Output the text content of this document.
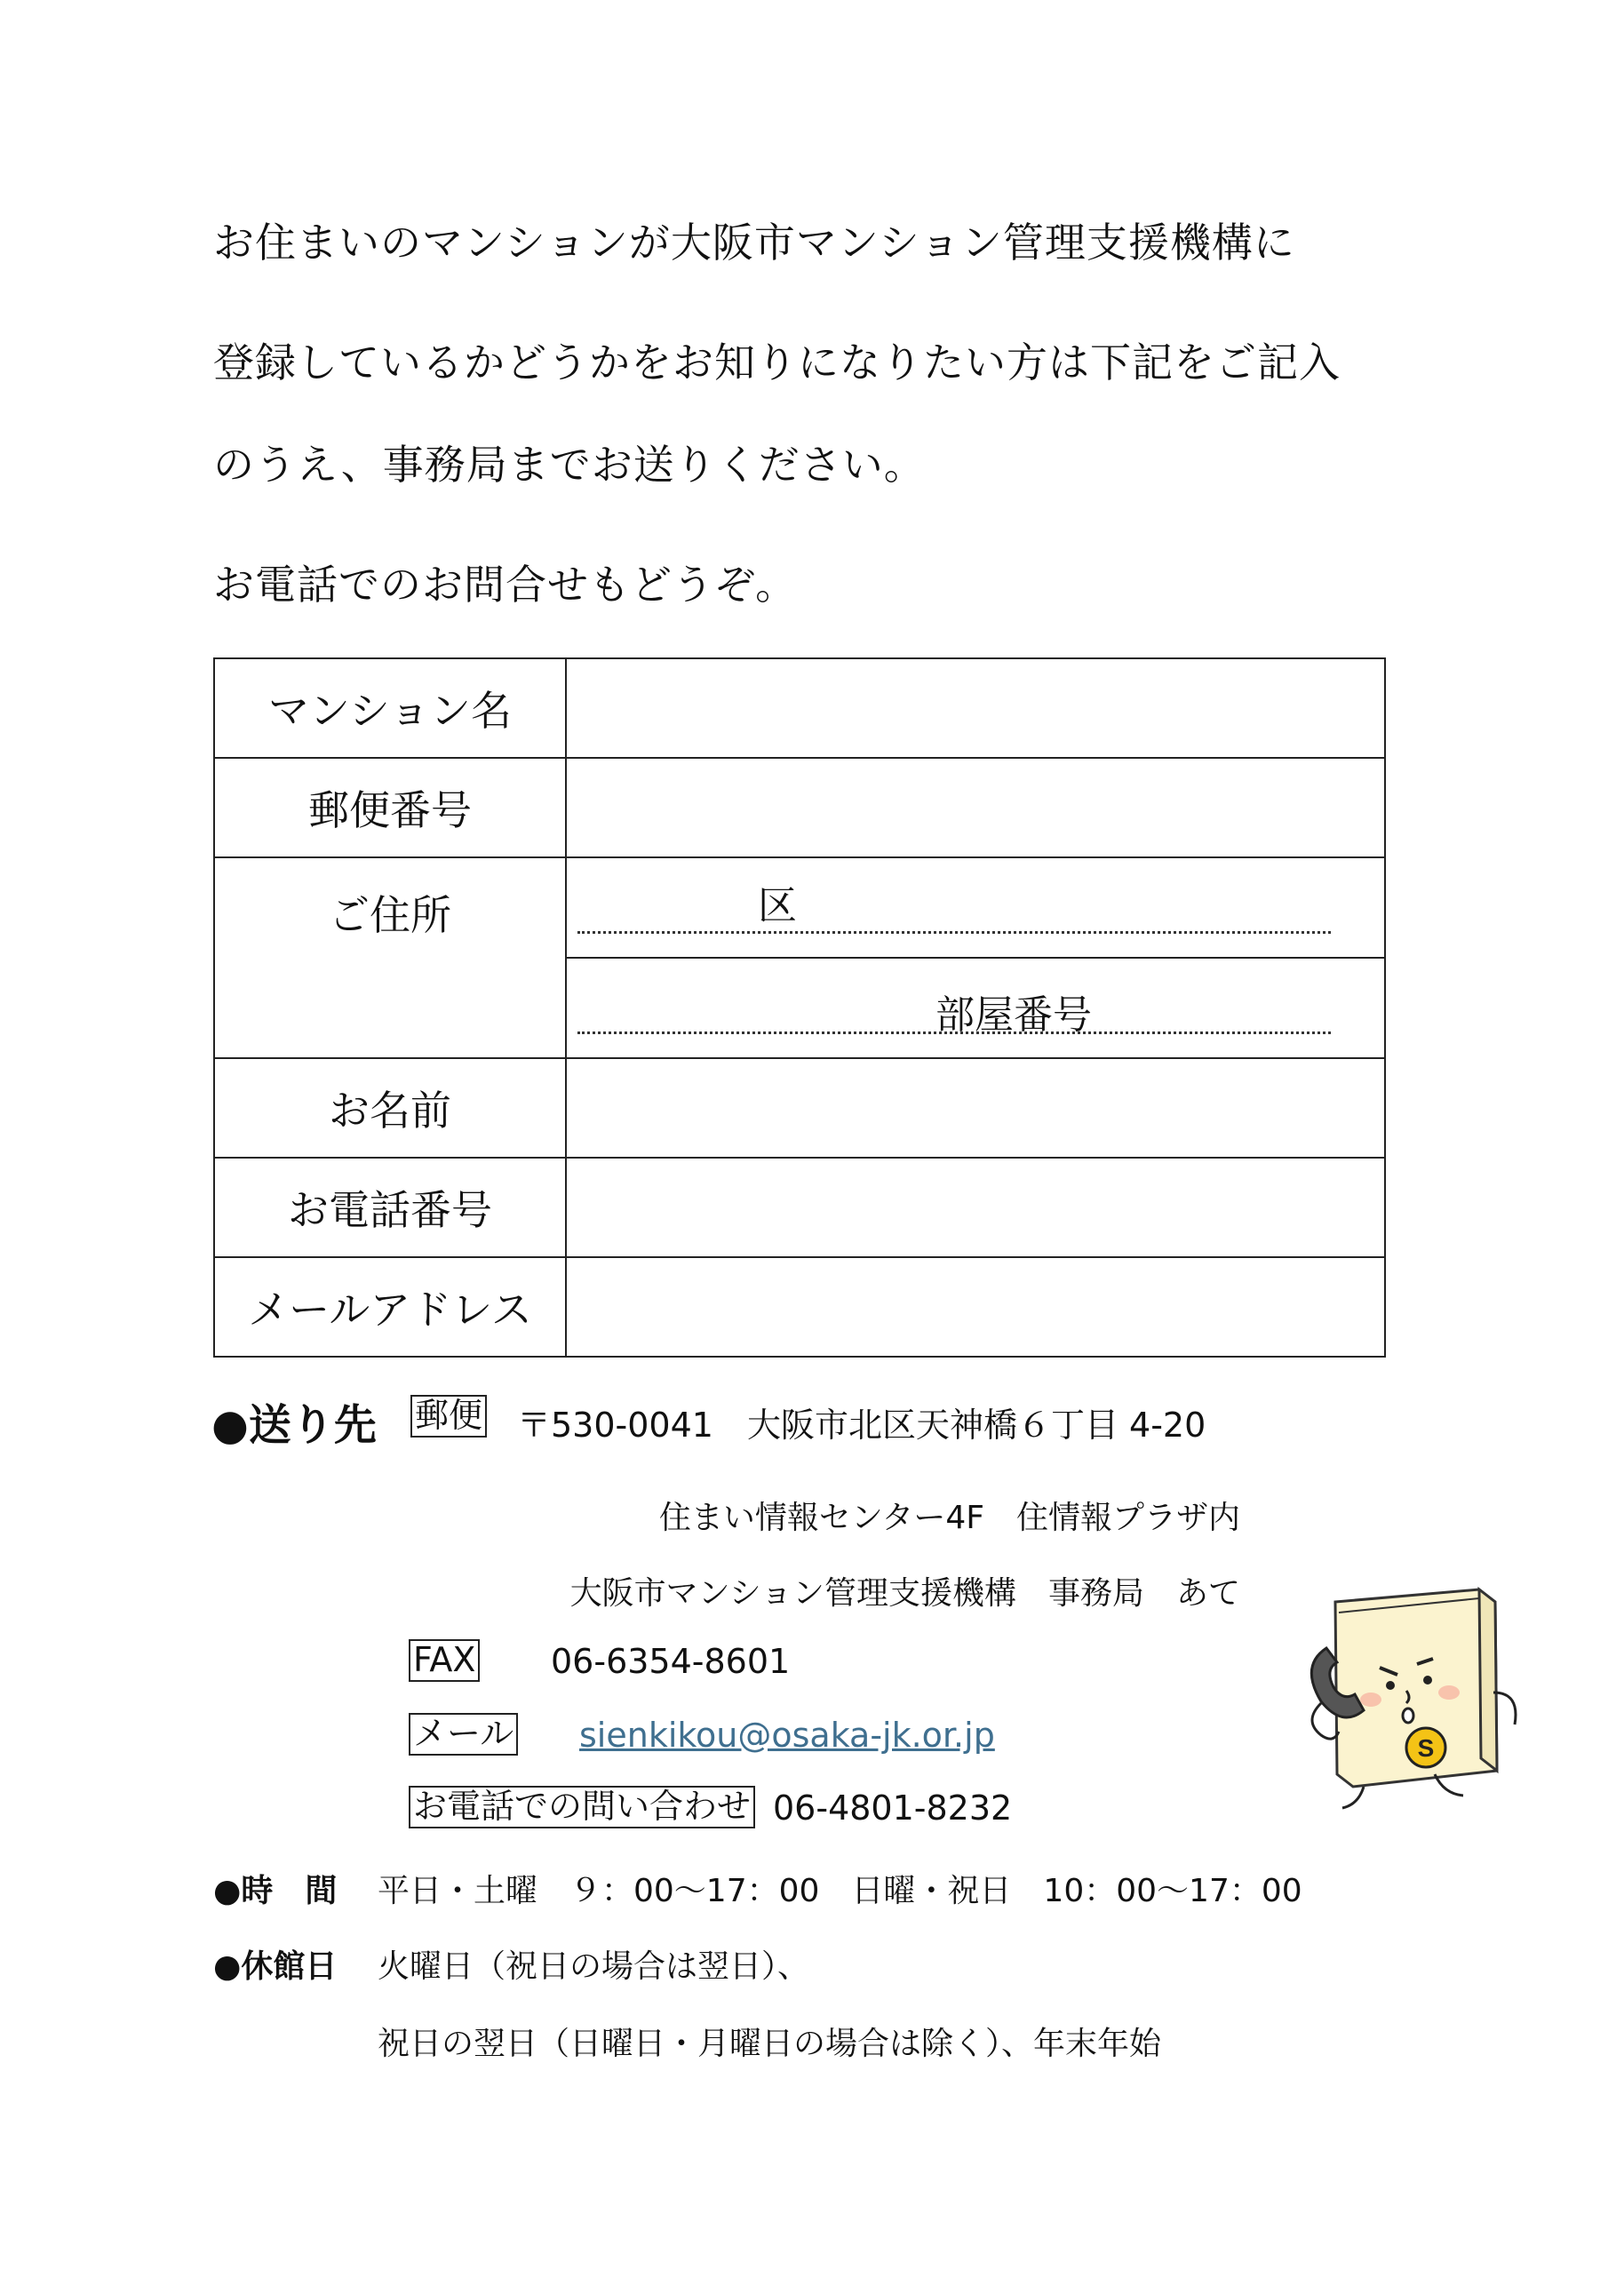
お住まいのマンションが大阪市マンション管理支援機構に
登録しているかどうかをお知りになりたい方は下記をご記入
のうえ、事務局までお送りください。
お電話でのお問合せもどうぞ。
マンション名	
郵便番号	
ご住所	区

	部屋番号

お名前	
お電話番号	
メールアドレス	
●送り先 郵便 〒530-0041　大阪市北区天神橋６丁目 4-20
住まい情報センター4F　住情報プラザ内
大阪市マンション管理支援機構　事務局　あて
FAX 06-6354-8601
メール sienkikou@osaka-jk.or.jp
お電話での問い合わせ 06-4801-8232
●時　間 平日・土曜　９：00～17：00　日曜・祝日　10：00～17：00
●休館日 火曜日（祝日の場合は翌日）、
祝日の翌日（日曜日・月曜日の場合は除く）、年末年始
S
